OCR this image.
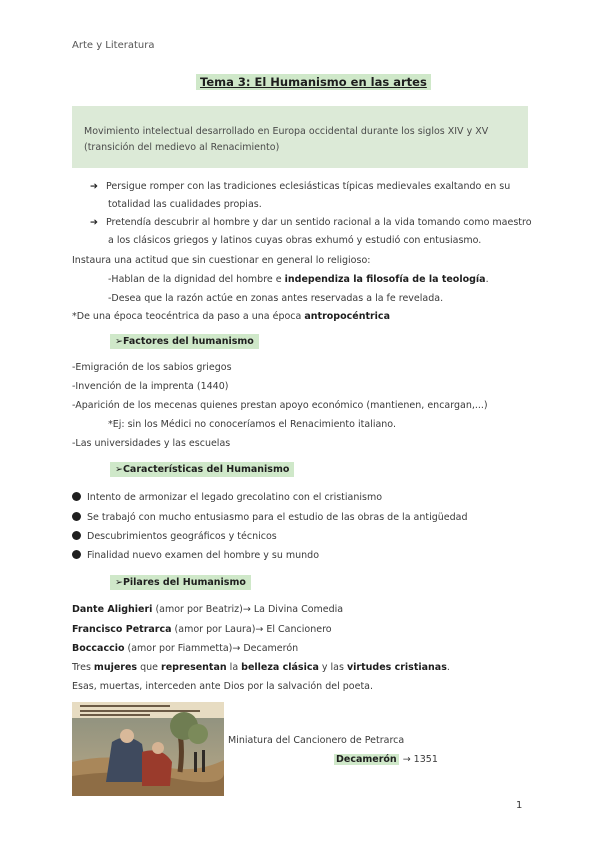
Arte y Literatura
Tema 3: El Humanismo en las artes
Movimiento intelectual desarrollado en Europa occidental durante los siglos XIV y XV (transición del medievo al Renacimiento)
➔ Persigue romper con las tradiciones eclesiásticas típicas medievales exaltando en su
totalidad las cualidades propias.
➔ Pretendía descubrir al hombre y dar un sentido racional a la vida tomando como maestro
a los clásicos griegos y latinos cuyas obras exhumó y estudió con entusiasmo.
Instaura una actitud que sin cuestionar en general lo religioso:
-Hablan de la dignidad del hombre e independiza la filosofía de la teología.
-Desea que la razón actúe en zonas antes reservadas a la fe revelada.
*De una época teocéntrica da paso a una época antropocéntrica
➢Factores del humanismo
-Emigración de los sabios griegos
-Invención de la imprenta (1440)
-Aparición de los mecenas quienes prestan apoyo económico (mantienen, encargan,...)
*Ej: sin los Médici no conoceríamos el Renacimiento italiano.
-Las universidades y las escuelas
➢Características del Humanismo
Intento de armonizar el legado grecolatino con el cristianismo
Se trabajó con mucho entusiasmo para el estudio de las obras de la antigüedad
Descubrimientos geográficos y técnicos
Finalidad nuevo examen del hombre y su mundo
➢Pilares del Humanismo
Dante Alighieri (amor por Beatriz)→ La Divina Comedia
Francisco Petrarca (amor por Laura)→ El Cancionero
Boccaccio (amor por Fiammetta)→ Decamerón
Tres mujeres que representan la belleza clásica y las virtudes cristianas.
Esas, muertas, interceden ante Dios por la salvación del poeta.
Miniatura del Cancionero de Petrarca
Decamerón → 1351
1
